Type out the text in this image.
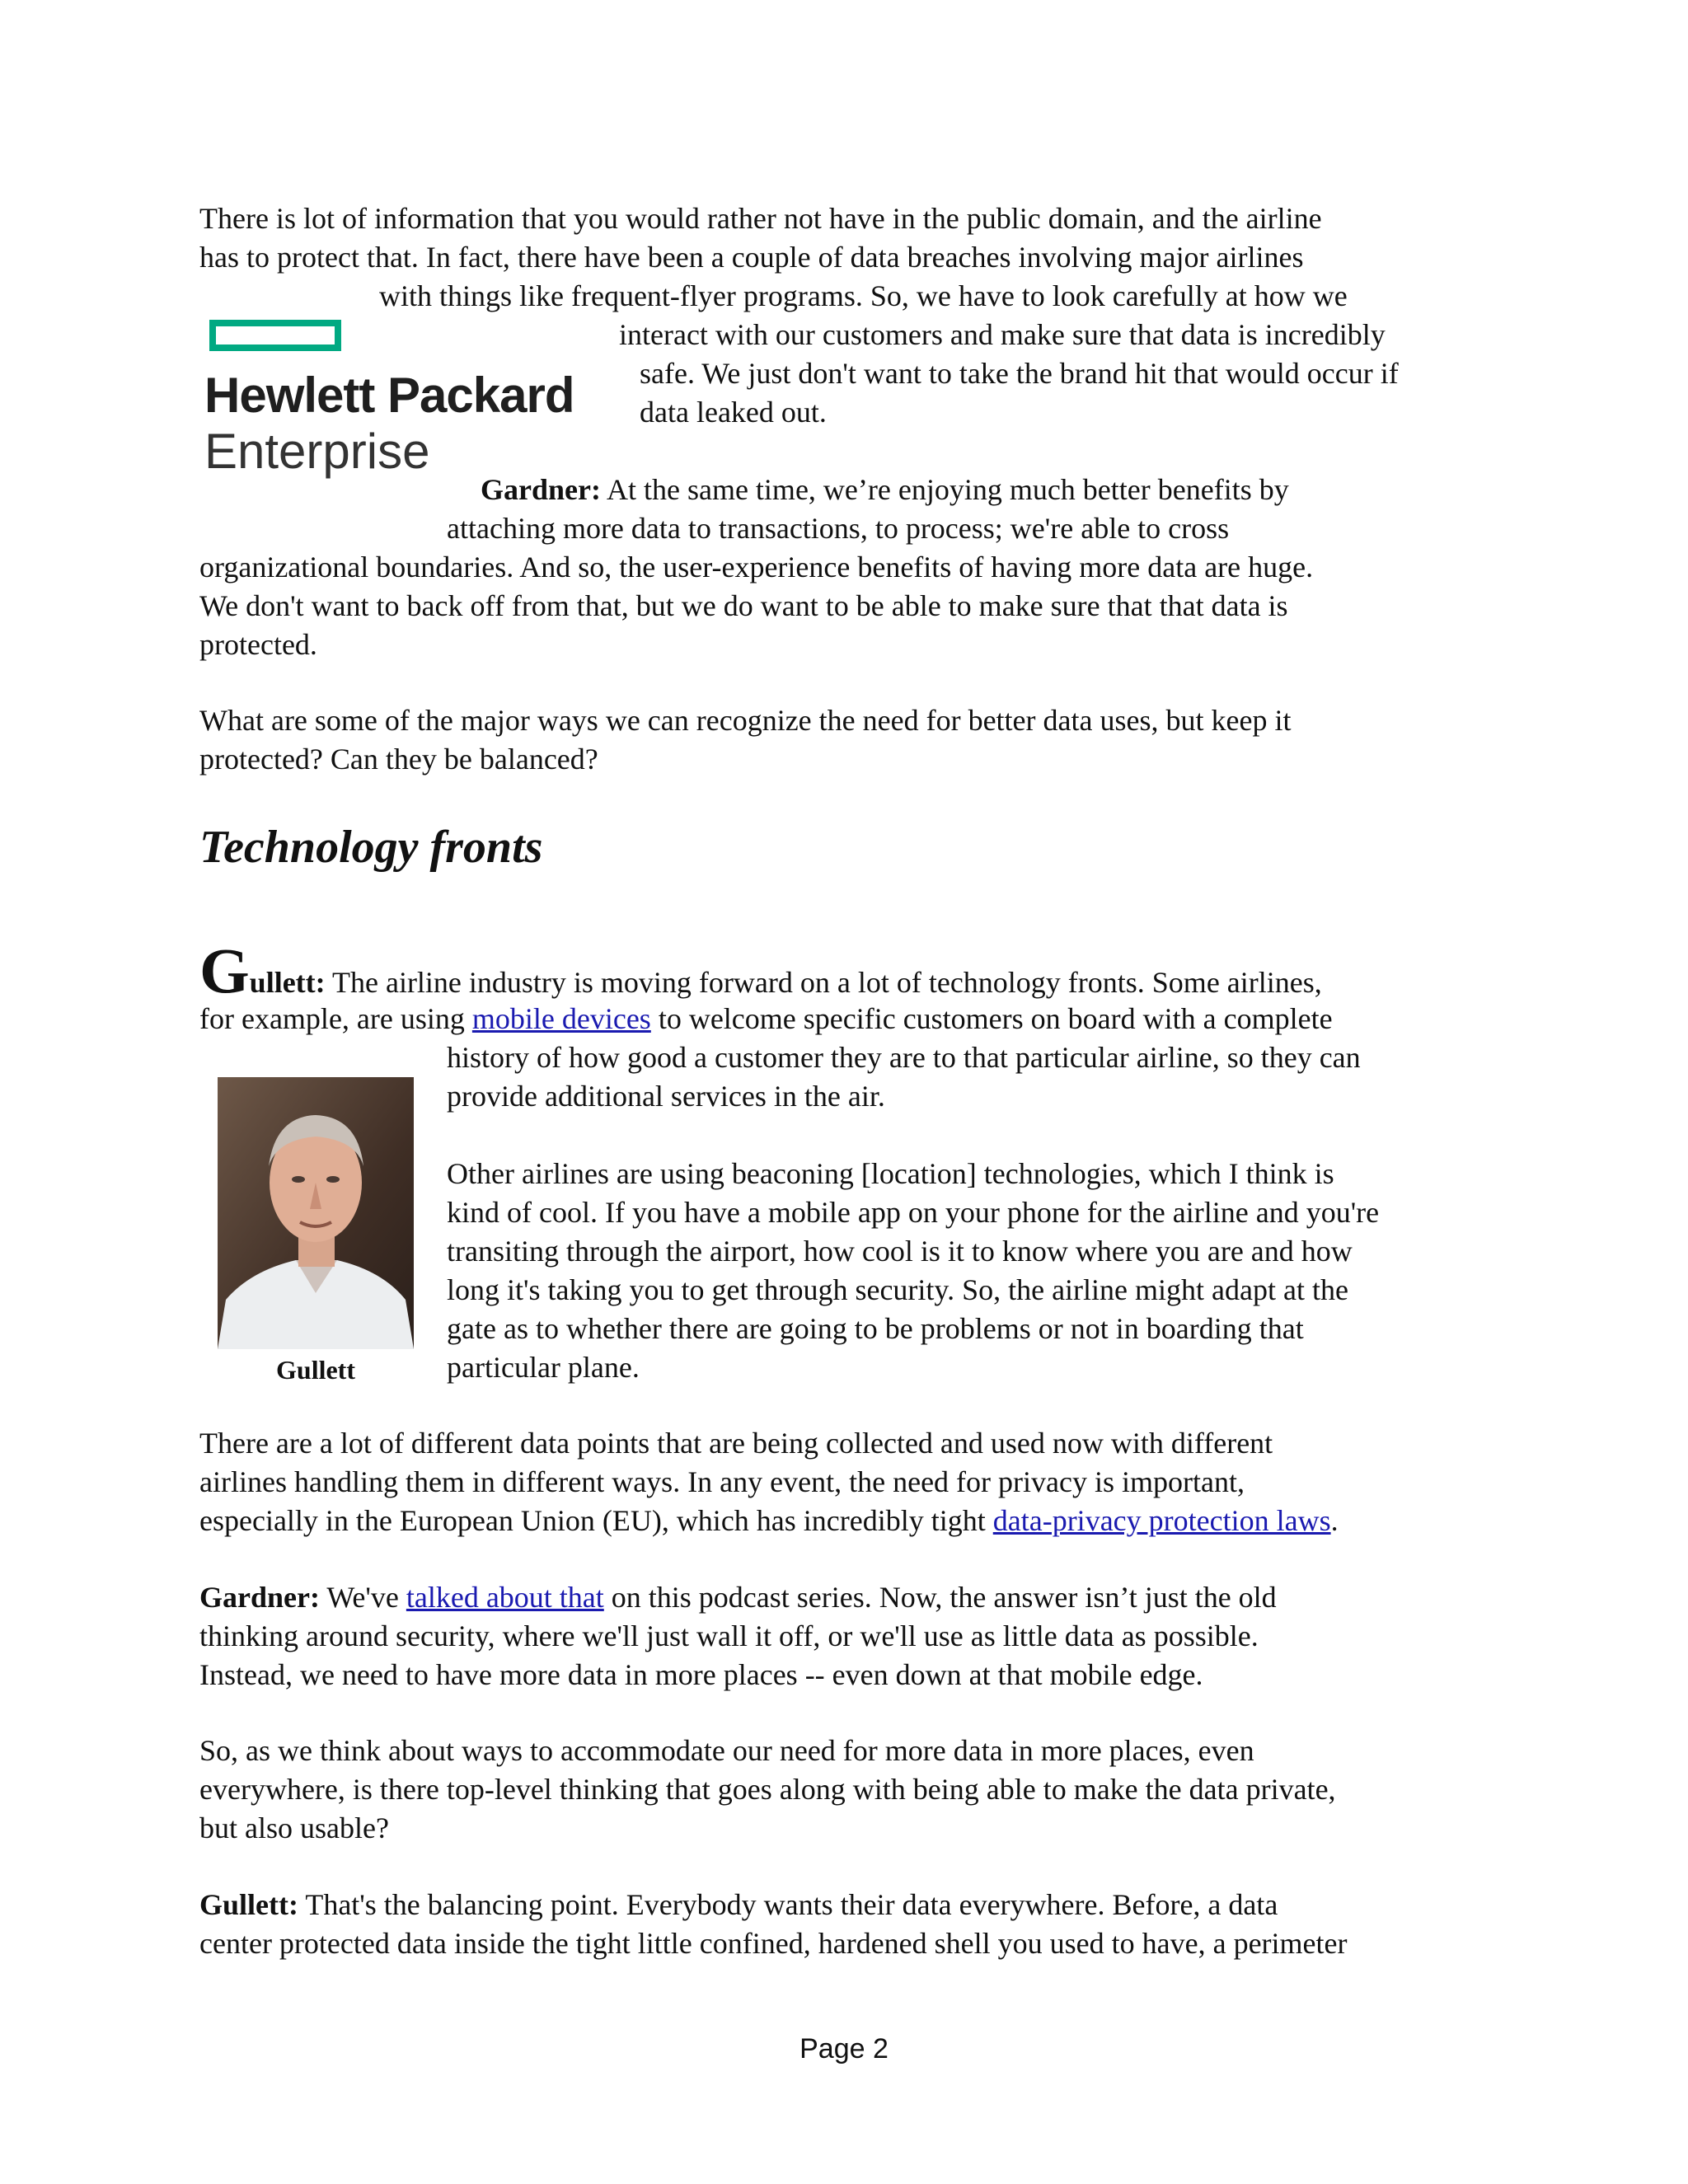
There is lot of information that you would rather not have in the public domain, and the airline

has to protect that. In fact, there have been a couple of data breaches involving major airlines

with things like frequent-flyer programs. So, we have to look carefully at how we

interact with our customers and make sure that data is incredibly

safe. We just don't want to take the brand hit that would occur if

data leaked out.

Hewlett Packard
Enterprise

Gardner: At the same time, we’re enjoying much better benefits by

attaching more data to transactions, to process; we're able to cross

organizational boundaries. And so, the user-experience benefits of having more data are huge.

We don't want to back off from that, but we do want to be able to make sure that that data is

protected.

What are some of the major ways we can recognize the need for better data uses, but keep it

protected? Can they be balanced?

Technology fronts

Gullett: The airline industry is moving forward on a lot of technology fronts. Some airlines,

for example, are using mobile devices to welcome specific customers on board with a complete

history of how good a customer they are to that particular airline, so they can

provide additional services in the air.

Gullett

Other airlines are using beaconing [location] technologies, which I think is

kind of cool. If you have a mobile app on your phone for the airline and you're

transiting through the airport, how cool is it to know where you are and how

long it's taking you to get through security. So, the airline might adapt at the

gate as to whether there are going to be problems or not in boarding that

particular plane.

There are a lot of different data points that are being collected and used now with different

airlines handling them in different ways. In any event, the need for privacy is important,

especially in the European Union (EU), which has incredibly tight data-privacy protection laws.

Gardner: We've talked about that on this podcast series. Now, the answer isn’t just the old

thinking around security, where we'll just wall it off, or we'll use as little data as possible.

Instead, we need to have more data in more places -- even down at that mobile edge.

So, as we think about ways to accommodate our need for more data in more places, even

everywhere, is there top-level thinking that goes along with being able to make the data private,

but also usable?

Gullett: That's the balancing point. Everybody wants their data everywhere. Before, a data

center protected data inside the tight little confined, hardened shell you used to have, a perimeter

Page 2
